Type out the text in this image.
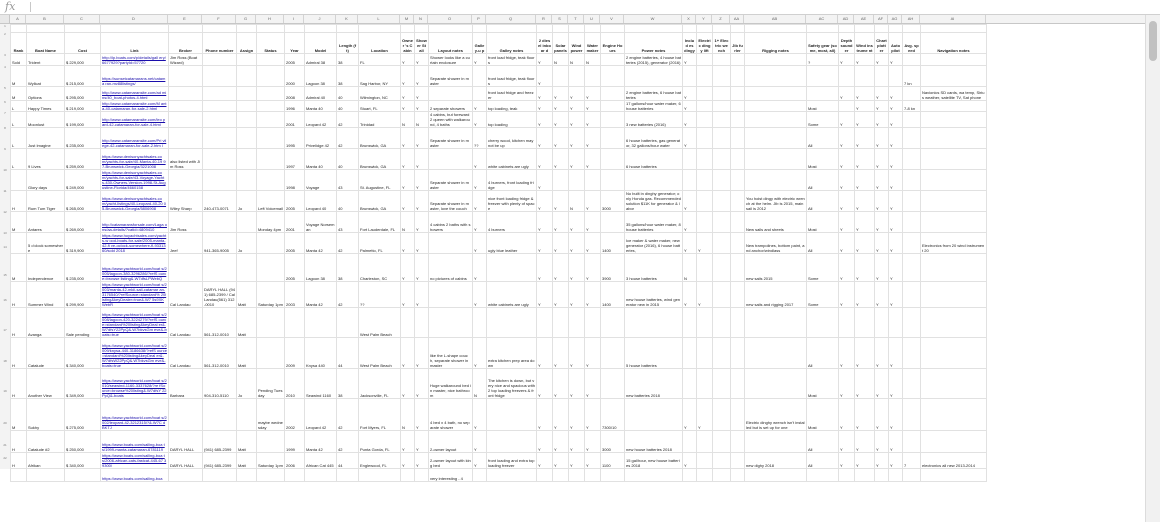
fx
A	B	C	D	E	F	G	H	I	J	K	L	M	N	O	P	Q	R	S	T	U	V	W	X	Y	Z	AA	AB	AC	AD	AE	AF	AG	AH	AI
1
2
3
4
5
6
7
8
9
10
11
12
13
14
15
16
17
18
19
20
21
22

Rank	Boat Name	Cost	Link	Broker	Phone number	Assign	Status	Year	Model	Length (ft)	Location	Owner 's Cabin	Show er Stall	Layout notes	Galley-u p	Galley notes	2 diesel inboar d	Solar panels	Wind power	Water maker	Engine Hours	Power notes	Includ es dingy	Electric dingy lift	1+ Electric wench	Jib furler	Rigging notes	Safety gear (some, most, all)	Depth sound er	Wind instrume nt	Chart plott er	Auto pilot	Avg. speed	Navigation notes
Sold	Trident	$ 229,000	http://lp.boats.com/p/details/gall ery/6677929?partyId=57720	Jim Ross (Boat Wizard)				2005	Admiral 38	38	FL	Y	Y	Shower looks like a curtain enclosure	Y	front load fridge, teak floors	Y	N	N	N		2 engine batteries, 4 house batteries (2015), generator (2016)	Y					?	Y	Y	Y	Y		
M	Wyllcat	$ 215,000	https://sunsetcatamarans.net/catama ran-mv88listings/					2000	Lagoon 38	38	Sag Harbor, NY	Y	Y	Separate shower in master		front load fridge, teak floors	Y																7 kn	
M	Options	$ 295,000	http://www.catamaransite.com/ad mins/40_boat-photos-4.html					2008	Admiral 40	40	Wilmington, NC	Y	Y			front load fridge and freezer	Y	Y	Y	Y		2 engine batteries, 6 house batteries	Y						Y	Y	Y	Y		Navionics SD cards, wa temp, Sirius weather, satellite TV, Sat phone
L	Happy Times	$ 219,000	http://www.catamaransite.com/M anta-40-catamaran-for-sale-2.html					1996	Manta 40	40	Stuart, FL	Y	Y	2 separate showers	Y	top loading, teak	Y	Y	Y	Y		17 gallons/hour water maker, 6 house batteries	Y					Most		Y	Y	Y	7-8 kn	
L	Moonlust	$ 199,000	http://www.catamaransite.com/leo pard-42-catamaran-for-sale-4.html					2001	Leopard 42	42	Trinidad	N	N	4 cabins, but foreward 2 queen with walkaround, 4 baths	Y	top loading	Y	Y	Y	Y		3 new batteries (2016)	Y					Some	Y	Y	Y	Y		
L	Just Imagine	$ 235,000	http://www.catamaransite.com/Pri vilege-42-catamaran-for-sale-2.htm l					1995	Privelidge 42	42	Brunswick, GA	Y	Y	Separate shower in master	??	cherry wood, kitchen may not be up	Y	Y	Y	Y		6 house batteries, gas generator, 32 gallons/hour water	Y					All	Y	Y	Y	Y		
L	9 Lives	$ 259,000	https://www.denisonyachtsales.co m/yachts-for-sale/40-Manta-40-19 97-Brunswick-Georgia/3221008	also listed with Jim Ross				1997	Manta 40	40	Brunswick, GA	Y	Y		Y	white cabinets are ugly	Y	Y	Y	Y		6 house batteries						Most	Y	Y	Y	Y		
	Glory days	$ 249,000	https://www.denisonyachtsales.co m/yachts-for-sale/43-Voyage-Yacht s-430-Owners-Version-1998-St-Aug ustine-Florida/4660158					1998	Voyage	43	St. Augustine, FL	Y	Y	Separate shower in master	Y	4 burners, front loading fridge	Y											All	Y	Y	Y	Y		
H	Rum Tum Tiger	$ 265,000	https://www.denisonyachtsales.co m/yacht-listings/40-Leopard-40-20 05-Brunswick-Georgia/5806908	Wiley Sharp	240-473-0071	Jo	Left Voicemail	2005	Leopard 40	40	Brunswick, GA	Y	Y	Separate shower in master, love the couch	Y	nice front loading fridge & freezer with plenty of space	Y	Y	N	Y	3000	No built in dinghy generator; only Honda gas. Recommended solution $11K for generator & labor	Y				You hoist dingy with electric wrench at the helm. Jib is 2015, mainsail is 2012	All	Y	Y	Y	Y		
M	Antares	$ 269,000	http://catamaransforsale.com/Laga ons/aa-details/?catid=4809410	Jim Ross			Monday 4pm	2001	Voyage Norseman	43	Fort Lauderdale, FL	N	Y	4 cabins 2 baths with showers	Y	4 burners	Y	Y	Y	Y		35 gallons/hour water maker, 8 house batteries	Y				New sails and sheets	Most	Y	Y	Y	Y		
	5 o'clock somewhere	$ 319,900	https://www.hoyachtsales.com/yachts-w ood-boats-for-sale/2005-manta-42-fi ve-oclock-somewhere-fl-9331360/sold 2018	Jeef	941-365-9005	Jo		2005	Manta 42	42	Palmetto, FL	Y	Y		Y	ugly blue leather	Y	Y	Y	Y	1400	Ice maker & water maker, new generator (2016), 6 house batteries,	Y	Y			New trampolines, bottom paint, and anchor/windlass	All	Y	Y	Y	Y		Electronics from 20 wind instrument 20
M	Independence	$ 235,000	https://www.yachtworld.com/boat s/2005/lagoon-380-3296286/?refS ource=browse listing&.W7dfsLPWebQ					2005	Lagoon 38	38	Charleston, SC	Y	Y	no pictures of cabins	Y		Y	Y	Y	Y	3900	3 house batteries	N				new sails 2015	Some	Y	Y	Y	Y		
H	Summer Wind	$ 299,900	https://www.yachtworld.com/boat s/2003/manta-42-mkii-sail-catamar an-3176540/?refSource=standard% 20listing&keyDealer=true&.W7 5s9XKWebR	Cal Landau	DARYL HALL (941) 685-2399 / Cal Landau(561) 312-0010	Matt	Saturday 1pm	2003	Manta 42	42	??	Y	Y		Y	white cabinets are ugly	Y	Y	Y	Y	1400	new house batteries, wind generator new in 2015	Y	Y			new sails and rigging 2017	Some	Y	Y	Y	Y		
H	Avanga	Sale pending	https://www.yachtworld.com/boat s/2008/lagoon-420-3224279/?refS ource=standard%20listing&keyDeal er&.W7dfsY22PpQ&.W7bkvsGm eve&-boats=true	Cal Landau	561-312-0010	Matt					West Palm Beach																							
H	Catalude	$ 340,000	https://www.yachtworld.com/boat s/2009/knysa-440-3186638/?refS ource=standard%20listing&keyDeal er&.W7dfsW22PpQ&.W7bkvsGm eve&-boats=true	Cal Landau	561-312-0010	Matt		2009	Knysa 440	44	West Palm Beach	Y	Y	like the L-shape couch, separate shower in master	Y	extra kitchen prep area down	Y	Y	Y	Y		5 house batteries						All	Y	Y	Y	Y		
H	Another View	$ 349,000	https://www.yachtworld.com/boat s/2010/seawind-1160-3337628/?re fSource=browse%20listing&.W7dfsY 22PpQ&-boats	Barbara	904-310-5110	Jo	Pending Tuesday	2010	Seawind 1160	38	Jacksonville, FL	Y	Y	Huge walkaround bed in master, nice bathroom	N	The kitchen is down, but very nice and spacious with 2 top loading freezers & front fridge	Y	Y	Y	Y		new batteries 2018						Most	Y	Y	Y	Y		
M	Sukhy	$ 275,000	https://www.yachtworld.com/boat s/2002/leopard-42-3212315/?&.W7C dBKTJ				maybe wednesday	2002	Leopard 42	42	Fort Myers, FL	N	Y	4 bed x 4 bath, no separate shower	Y		Y	Y	Y	Y	7300/10		Y	Y			Electric dinghy wrench isn't installed but is set up for one	Most	Y	Y	Y	Y		
H	Catalude #2	$ 250,000	https://www.boats.com/sailing-boa ts/1999-manta-catamaran-6781119	DARYL HALL	(941) 685-2399	Matt		1999	Manta 42	42	Punta Gorda, FL	Y	Y	2-owner layout	Y		Y	Y	Y	Y	3000	new house batteries 2018						All	Y	Y	Y	Y		
H	Afrikan	$ 340,000	https://www.boats.com/sailing-boa ts/2006-african-cats-fastcat-445-67 39300/	DARYL HALL	(941) 685-2399	Matt	Saturday 1pm	2006	African Cat 445	44	Englewood, FL	Y	Y	2-owner layout with king bed	Y	front loading and extra top loading freezer	Y	Y	Y	Y	1100	15 gal/hour, new house batteries 2018	Y				new dighy 2018	All	Y	Y	Y	Y	7	electronics all new 2013-2014
			https://www.boats.com/sailing-boa											very interesting - 4																				
